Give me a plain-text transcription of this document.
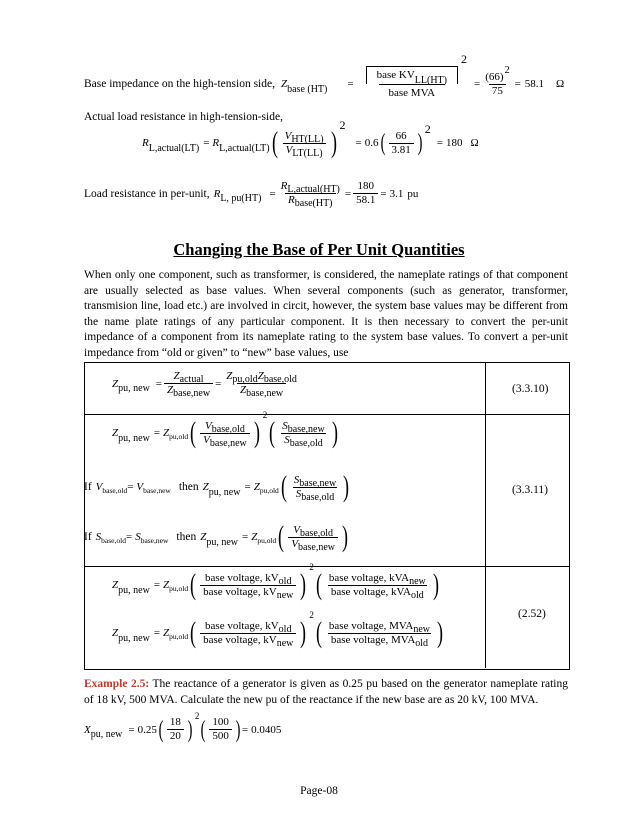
Base impedance on the high-tension side, Z base (HT) = base KVLL(HT)
2
base MVA = $\frac{(66)2}{75} = 58.1$ Ω
Actual load resistance in high-tension-side,
R L,actual(LT) = R L,actual(LT) ( $\frac{\text{VHT(LL)}}{\text{VLT(LL)}}$ )
2
= 0.6 ( $\frac{66}{3.81}$ )
2
= 180 Ω
Load resistance in per-unit, R L, $pu(HT) = \frac{\text{RL,actual(HT)}}{\text{Rbase(HT)}} = \frac{180}{58.1} = 3.1$ pu
Changing the Base of Per Unit Quantities
When only one component, such as transformer, is considered, the nameplate ratings of that component are usually selected as base values. When several components (such as generator, transformer, transmision line, load etc.) are involved in circit, however, the system base values may be different from the name plate ratings of any particular component. It is then necessary to convert the per-unit impedance of a component from its nameplate rating to the system base values. To convert a per-unit impedance from “old or given” to “new” base values, use
(3.3.10)
(3.3.11)
(2.52)
Z pu, new = $\frac{\text{Zactual}}{\text{Zbase,new}} = \frac{\text{Zpu,oldZbase,old}}{\text{Zbase,new}}$
Z pu, new = Z pu,old ( $\frac{\text{Vbase,old}}{\text{Vbase,new}}$ )
2
( $\frac{\text{Sbase,new}}{\text{Sbase,old}}$ )
If V base,old = V base,new then Z pu, new = Z pu,old ( $\frac{\text{Sbase,new}}{\text{Sbase,old}}$ )
If S base,old = S base,new then Z pu, new = Z pu,old ( $\frac{\text{Vbase,old}}{\text{Vbase,new}}$ )
Z pu, new = Z pu,old ( $\frac{\text{base voltage, kVold}}{\text{base voltage, kVnew}}$ )
2
( $\frac{\text{base voltage, kVAnew}}{\text{base voltage, kVAold}}$ )
Z pu, new = Z pu,old ( $\frac{\text{base voltage, kVold}}{\text{base voltage, kVnew}}$ )
2
( $\frac{\text{base voltage, MVAnew}}{\text{base voltage, MVAold}}$ )
Example 2.5: The reactance of a generator is given as 0.25 pu based on the generator nameplate rating of 18 kV, 500 MVA. Calculate the new pu of the reactance if the new base are as 20 kV, 100 MVA.
X pu, new = 0.25 ( $\frac{18}{20}$ )
2
( $\frac{100}{500}$ ) = 0.0405
Page-08
